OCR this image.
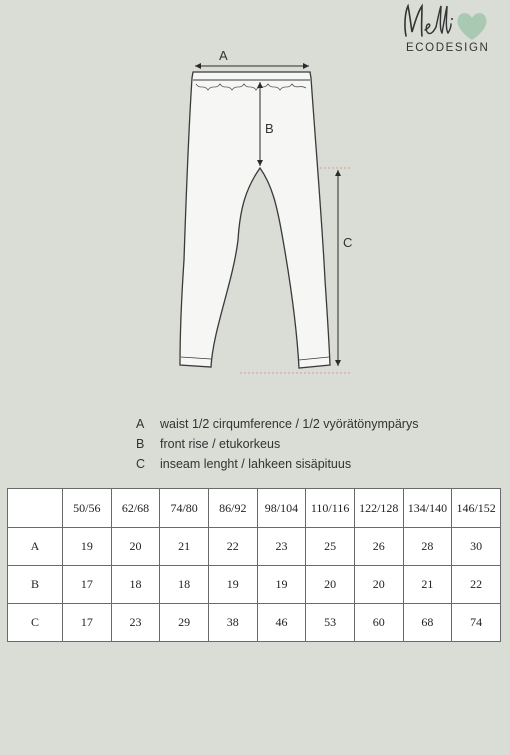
ECODESIGN
A
B
C
A	waist 1/2 cirqumference / 1/2 vyörätönympärys
B	front rise / etukorkeus
C	inseam lenght / lahkeen sisäpituus
	50/56	62/68	74/80	86/92	98/104	110/116	122/128	134/140	146/152
A	19	20	21	22	23	25	26	28	30
B	17	18	18	19	19	20	20	21	22
C	17	23	29	38	46	53	60	68	74
